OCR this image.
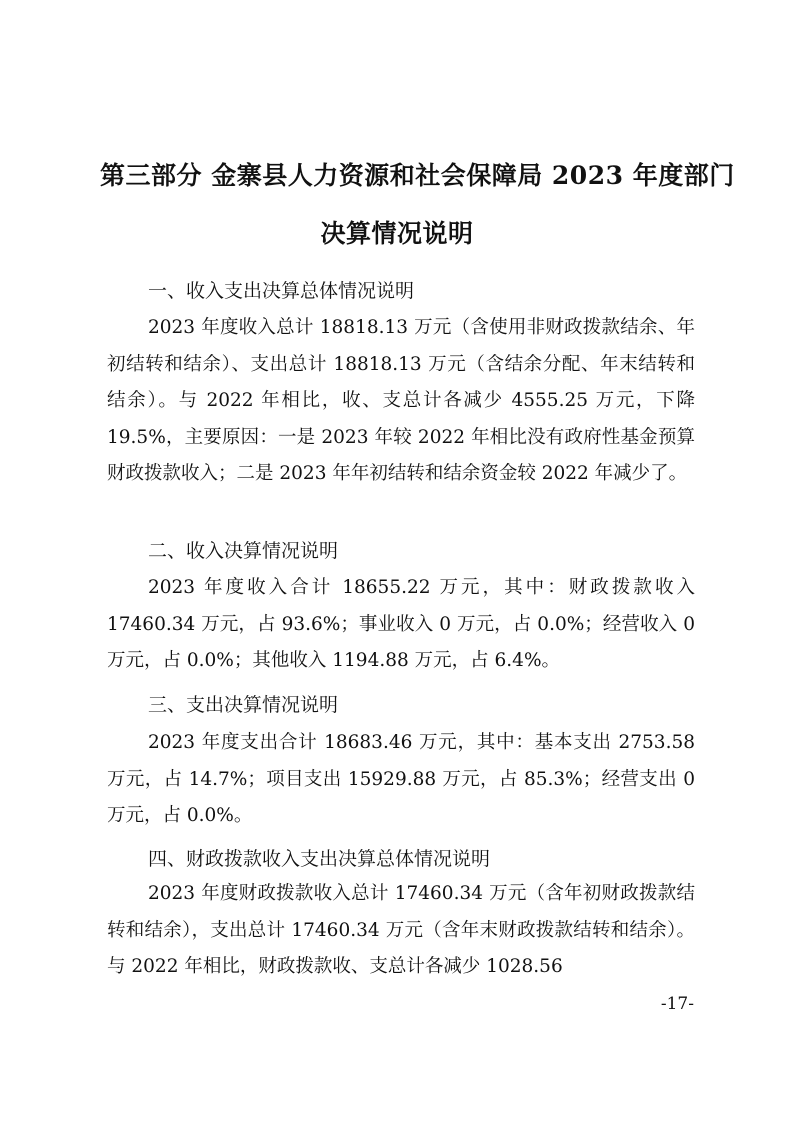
第三部分 金寨县人力资源和社会保障局 2023 年度部门
决算情况说明
一、收入支出决算总体情况说明
2023 年度收入总计 18818.13 万元（含使用非财政拨款结余、年初结转和结余）、支出总计 18818.13 万元（含结余分配、年末结转和结余）。与 2022 年相比，收、支总计各减少 4555.25 万元，下降 19.5%，主要原因：一是 2023 年较 2022 年相比没有政府性基金预算财政拨款收入；二是 2023 年年初结转和结余资金较 2022 年减少了。
二、收入决算情况说明
2023 年度收入合计 18655.22 万元，其中：财政拨款收入 17460.34 万元，占 93.6%；事业收入 0 万元，占 0.0%；经营收入 0 万元，占 0.0%；其他收入 1194.88 万元，占 6.4%。
三、支出决算情况说明
2023 年度支出合计 18683.46 万元，其中：基本支出 2753.58 万元，占 14.7%；项目支出 15929.88 万元，占 85.3%；经营支出 0 万元，占 0.0%。
四、财政拨款收入支出决算总体情况说明
2023 年度财政拨款收入总计 17460.34 万元（含年初财政拨款结转和结余），支出总计 17460.34 万元（含年末财政拨款结转和结余）。与 2022 年相比，财政拨款收、支总计各减少 1028.56
-17-
